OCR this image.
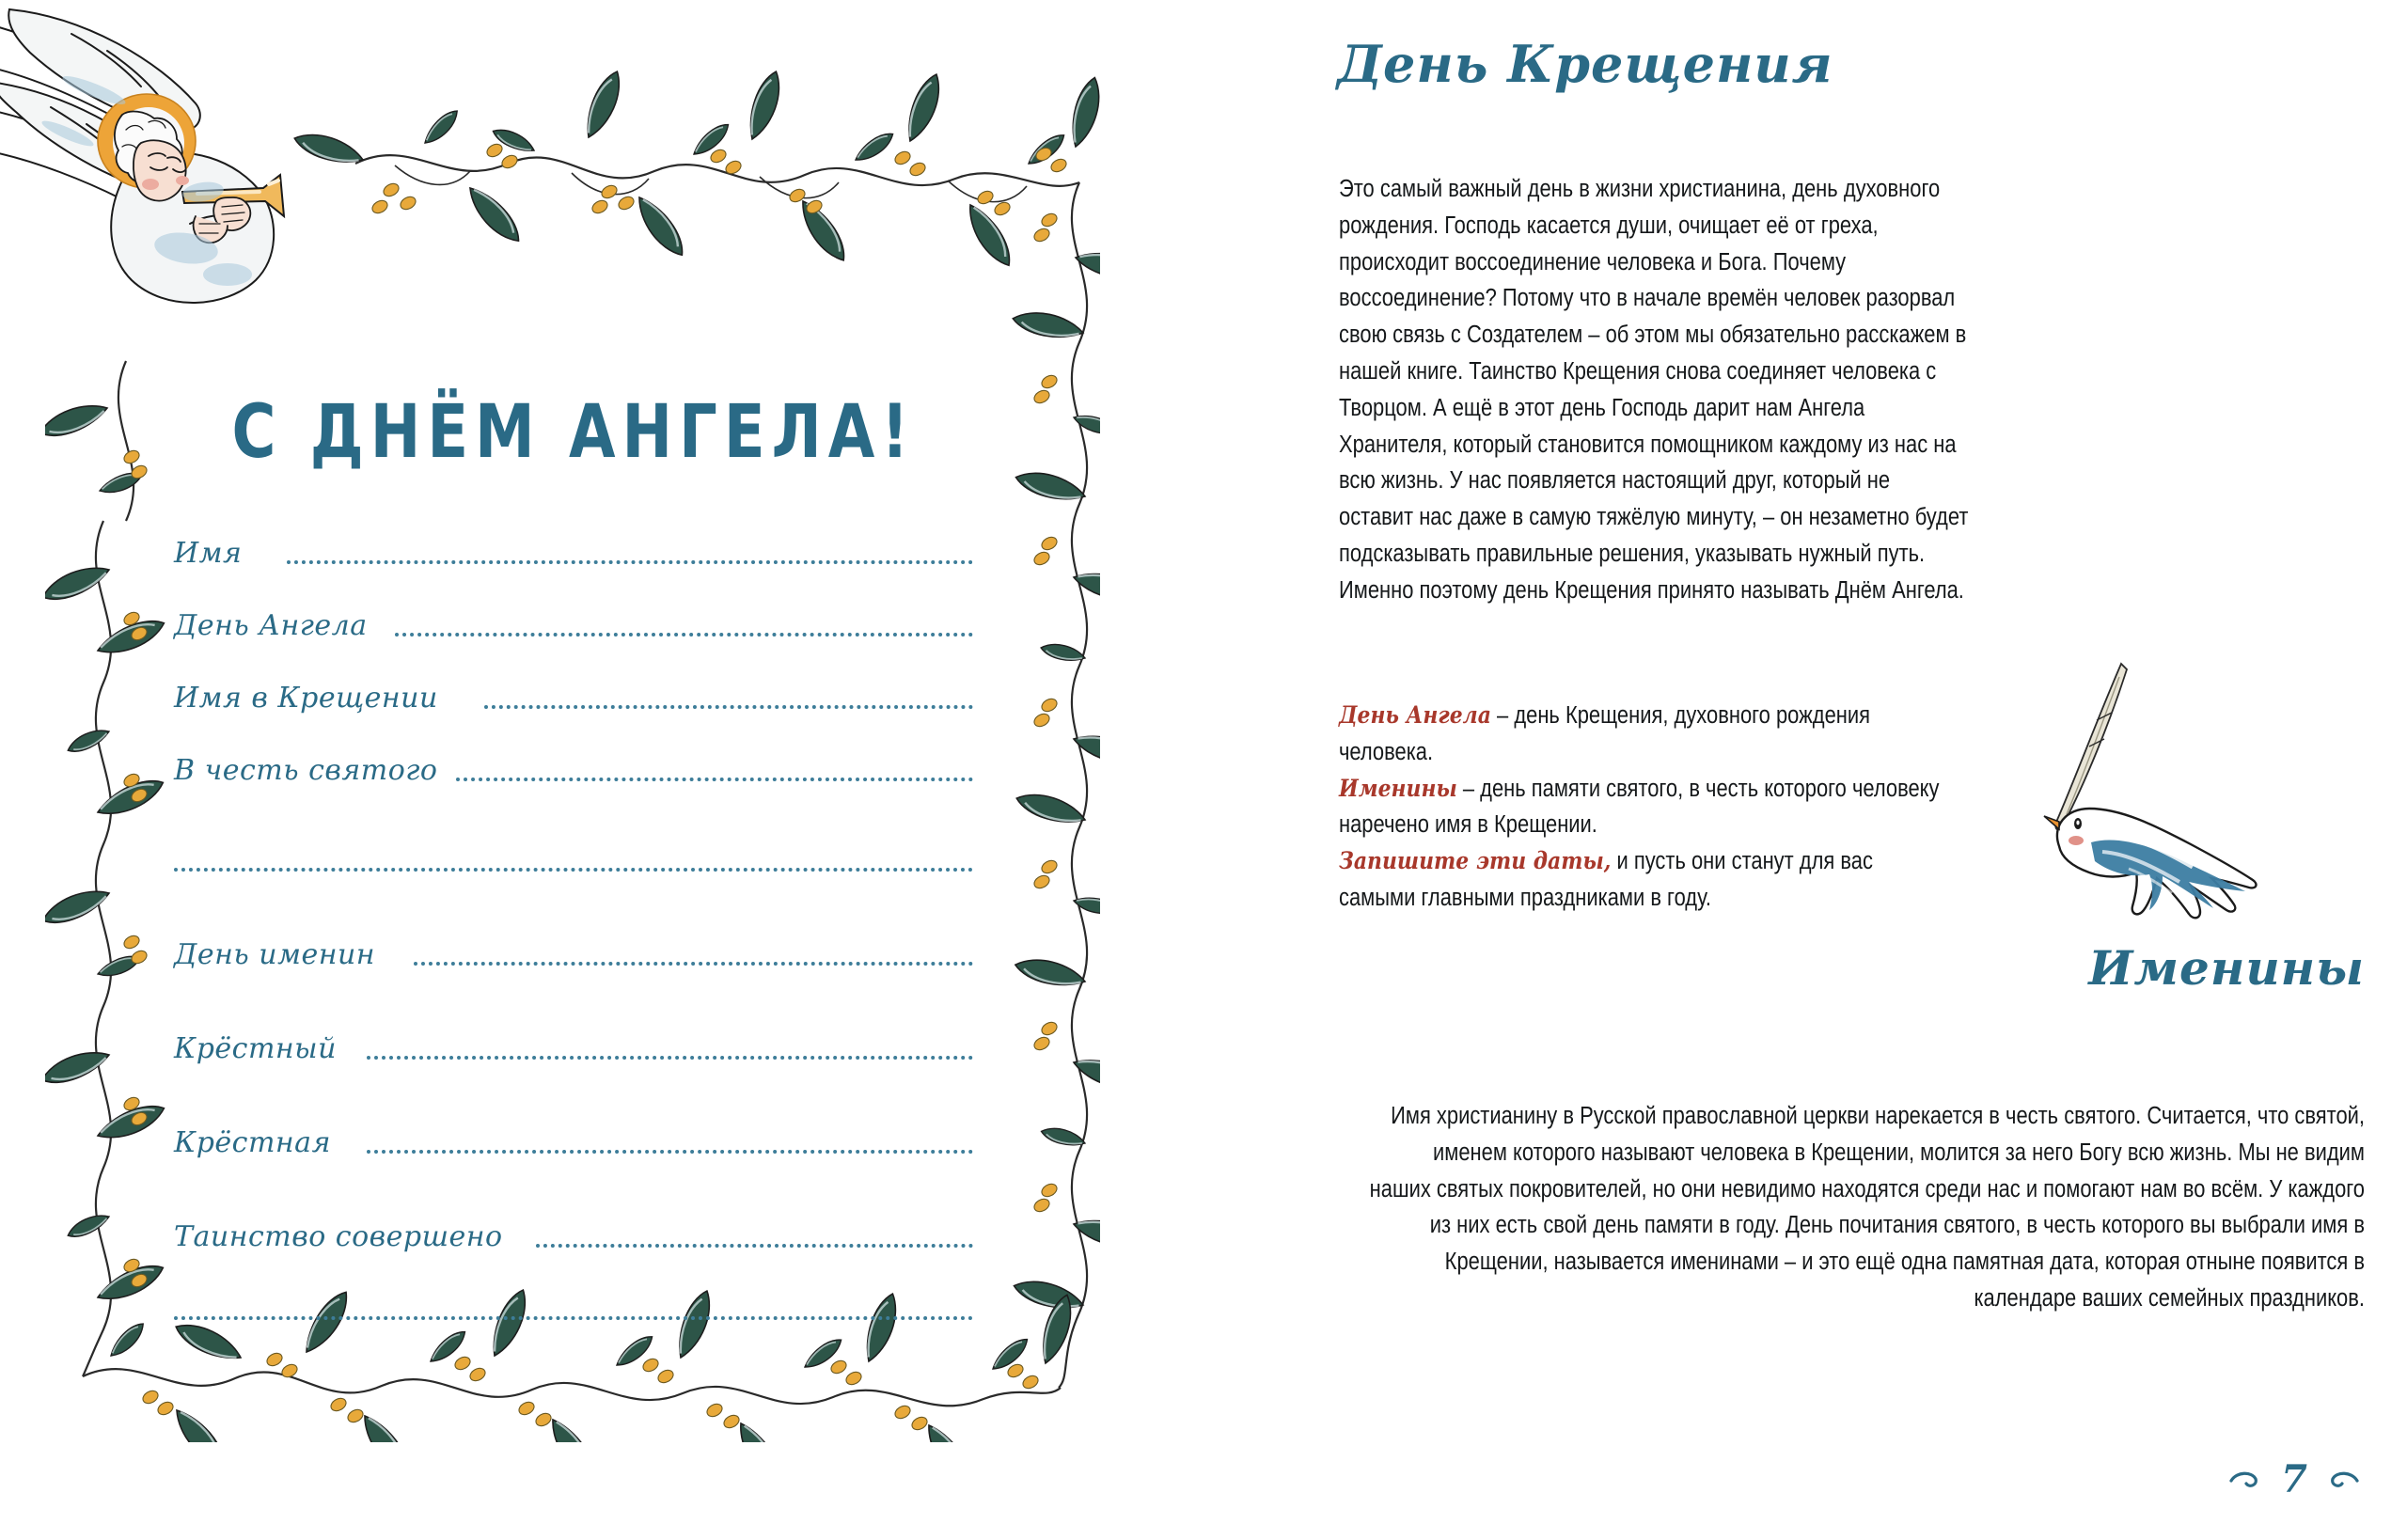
С ДНЁМ АНГЕЛА!
Имя
День Ангела
Имя в Крещении
В честь святого
День именин
Крёстный
Крёстная
Таинство совершено
День Крещения
Это самый важный день в жизни христианина, день духовного рождения. Господь касается души, очищает её от греха, происходит воссоединение человека и Бога. Почему воссоединение? Потому что в начале времён человек разорвал свою связь с Создателем – об этом мы обязательно расскажем в нашей книге. Таинство Крещения снова соединяет человека с Творцом. А ещё в этот день Господь дарит нам Ангела Хранителя, который становится помощником каждому из нас на всю жизнь. У нас появляется настоящий друг, который не оставит нас даже в самую тяжёлую минуту, – он незаметно будет подсказывать правильные решения, указывать нужный путь. Именно поэтому день Крещения принято называть Днём Ангела.
День Ангела – день Крещения, духовного рождения человека.
Именины – день памяти святого, в честь которого человеку наречено имя в Крещении.
Запишите эти даты, и пусть они станут для вас самыми главными праздниками в году.
Именины
Имя христианину в Русской православной церкви нарекается в честь святого. Считается, что святой, именем которого называют человека в Крещении, молится за него Богу всю жизнь. Мы не видим наших святых покровителей, но они невидимо находятся среди нас и помогают нам во всём. У каждого из них есть свой день памяти в году. День почитания святого, в честь которого вы выбрали имя в Крещении, называется именинами – и это ещё одна памятная дата, которая отныне появится в календаре ваших семейных праздников.
7
